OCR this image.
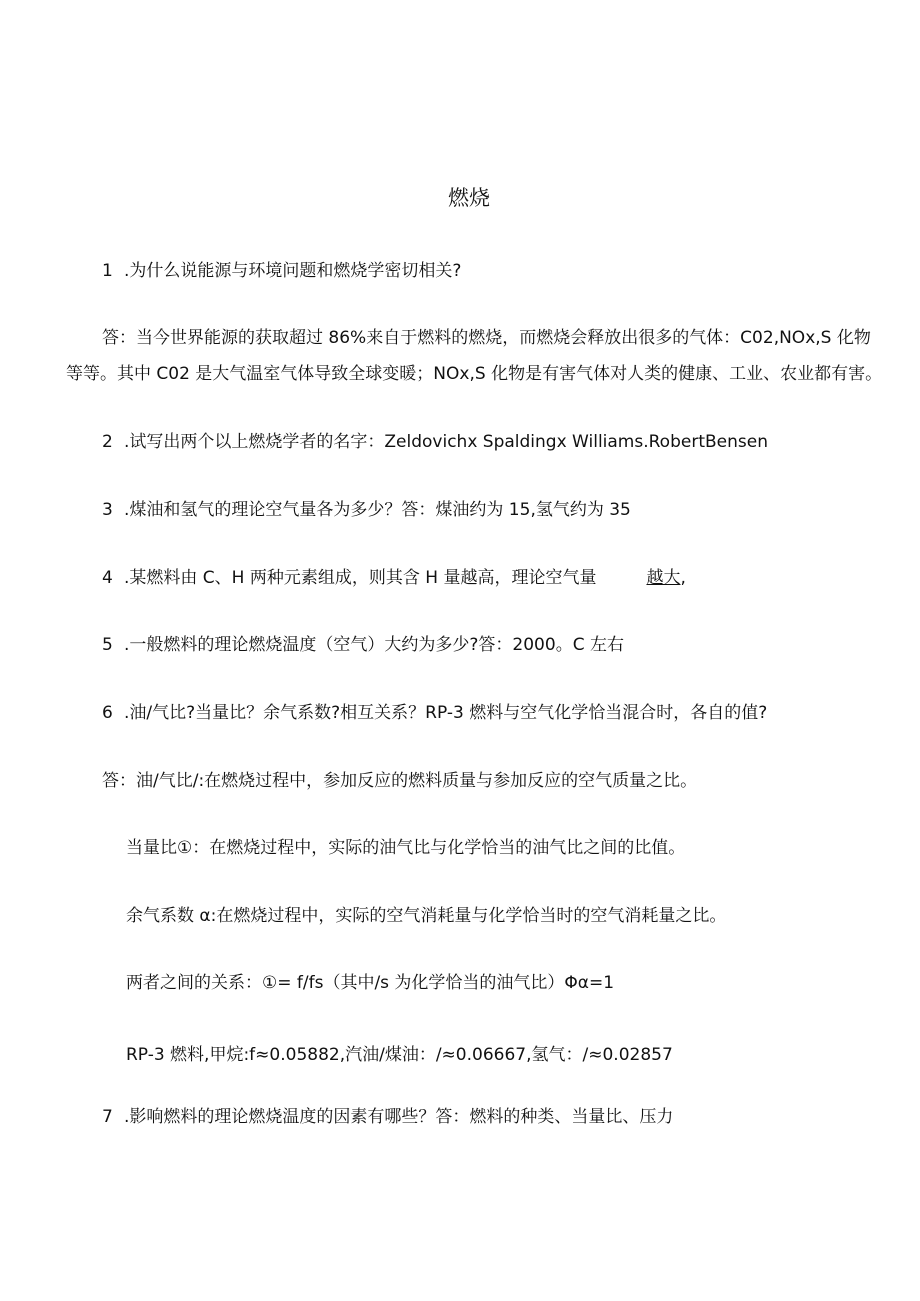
燃烧
1 .为什么说能源与环境问题和燃烧学密切相关?
答：当今世界能源的获取超过 86%来自于燃料的燃烧，而燃烧会释放出很多的气体：C02,NOx,S 化物
等等。其中 C02 是大气温室气体导致全球变暖；NOx,S 化物是有害气体对人类的健康、工业、农业都有害。
2 .试写出两个以上燃烧学者的名字：Zeldovichx Spaldingx Williams.RobertBensen
3 .煤油和氢气的理论空气量各为多少？答：煤油约为 15,氢气约为 35
4 .某燃料由 C、H 两种元素组成，则其含 H 量越高，理论空气量	越大,
5 .一般燃料的理论燃烧温度（空气）大约为多少?答：2000。C 左右
6 .油/气比?当量比？余气系数?相互关系？RP-3 燃料与空气化学恰当混合时，各自的值?
答：油/气比/:在燃烧过程中，参加反应的燃料质量与参加反应的空气质量之比。
当量比①：在燃烧过程中，实际的油气比与化学恰当的油气比之间的比值。
余气系数 α:在燃烧过程中，实际的空气消耗量与化学恰当时的空气消耗量之比。
两者之间的关系：①= f/fs（其中/s 为化学恰当的油气比）Φα=1
RP-3 燃料,甲烷:f≈0.05882,汽油/煤油：/≈0.06667,氢气：/≈0.02857
7 .影响燃料的理论燃烧温度的因素有哪些？答：燃料的种类、当量比、压力
